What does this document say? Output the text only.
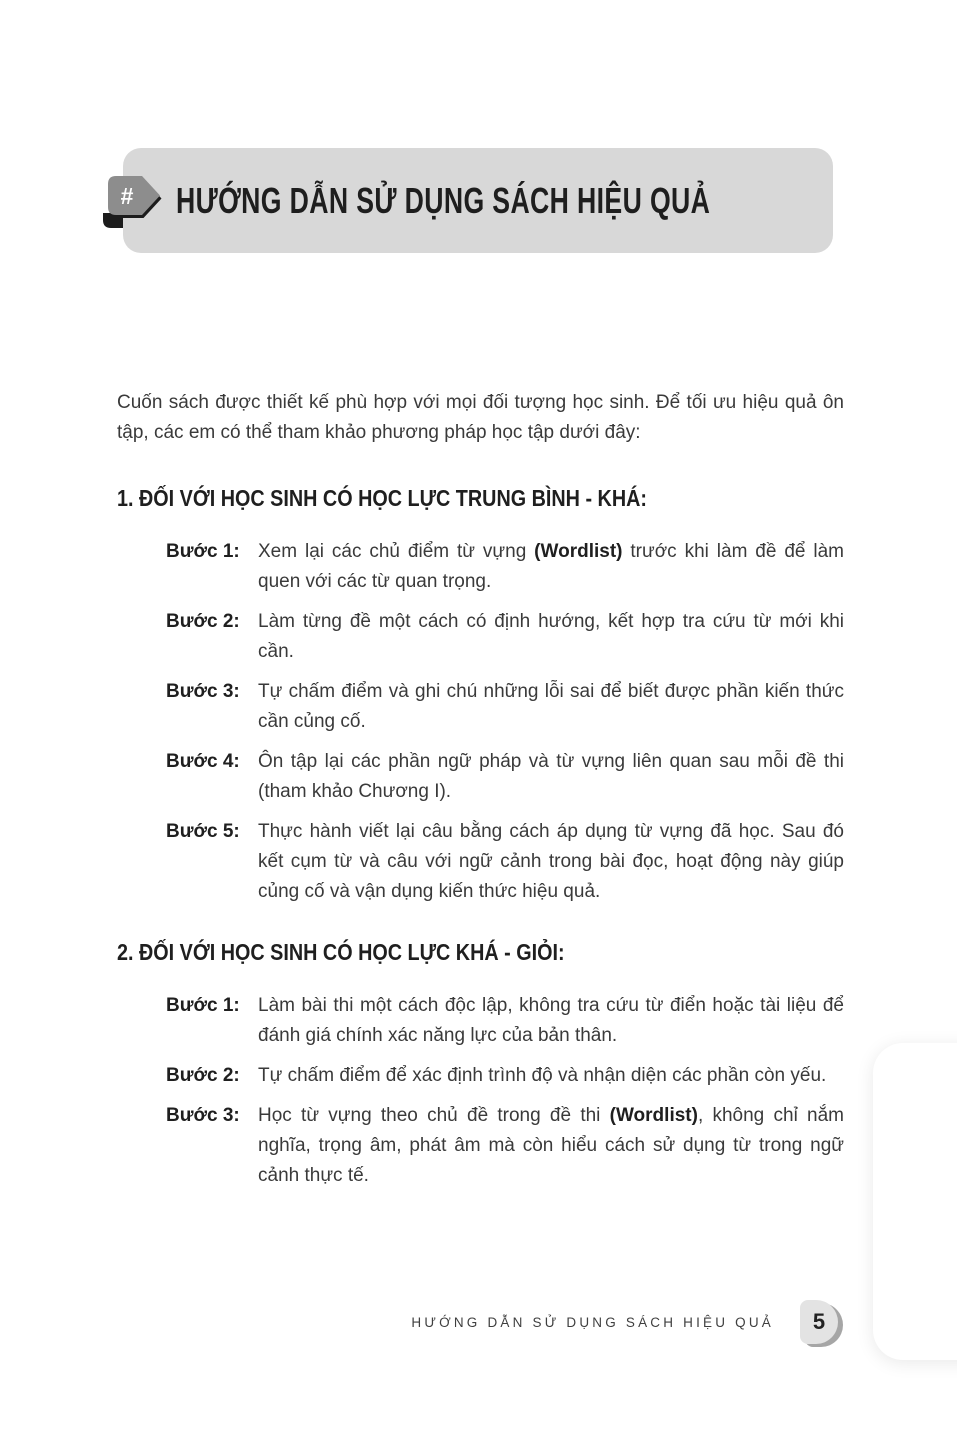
# HƯỚNG DẪN SỬ DỤNG SÁCH HIỆU QUẢ

Cuốn sách được thiết kế phù hợp với mọi đối tượng học sinh. Để tối ưu hiệu quả ôn tập, các em có thể tham khảo phương pháp học tập dưới đây:

1. ĐỐI VỚI HỌC SINH CÓ HỌC LỰC TRUNG BÌNH - KHÁ:
Bước 1: Xem lại các chủ điểm từ vựng (Wordlist) trước khi làm đề để làm quen với các từ quan trọng.
Bước 2: Làm từng đề một cách có định hướng, kết hợp tra cứu từ mới khi cần.
Bước 3: Tự chấm điểm và ghi chú những lỗi sai để biết được phần kiến thức cần củng cố.
Bước 4: Ôn tập lại các phần ngữ pháp và từ vựng liên quan sau mỗi đề thi (tham khảo Chương I).
Bước 5: Thực hành viết lại câu bằng cách áp dụng từ vựng đã học. Sau đó kết cụm từ và câu với ngữ cảnh trong bài đọc, hoạt động này giúp củng cố và vận dụng kiến thức hiệu quả.
2. ĐỐI VỚI HỌC SINH CÓ HỌC LỰC KHÁ - GIỎI:
Bước 1: Làm bài thi một cách độc lập, không tra cứu từ điển hoặc tài liệu để đánh giá chính xác năng lực của bản thân.
Bước 2: Tự chấm điểm để xác định trình độ và nhận diện các phần còn yếu.
Bước 3: Học từ vựng theo chủ đề trong đề thi (Wordlist), không chỉ nắm nghĩa, trọng âm, phát âm mà còn hiểu cách sử dụng từ trong ngữ cảnh thực tế.
HƯỚNG DẪN SỬ DỤNG SÁCH HIỆU QUẢ 5
